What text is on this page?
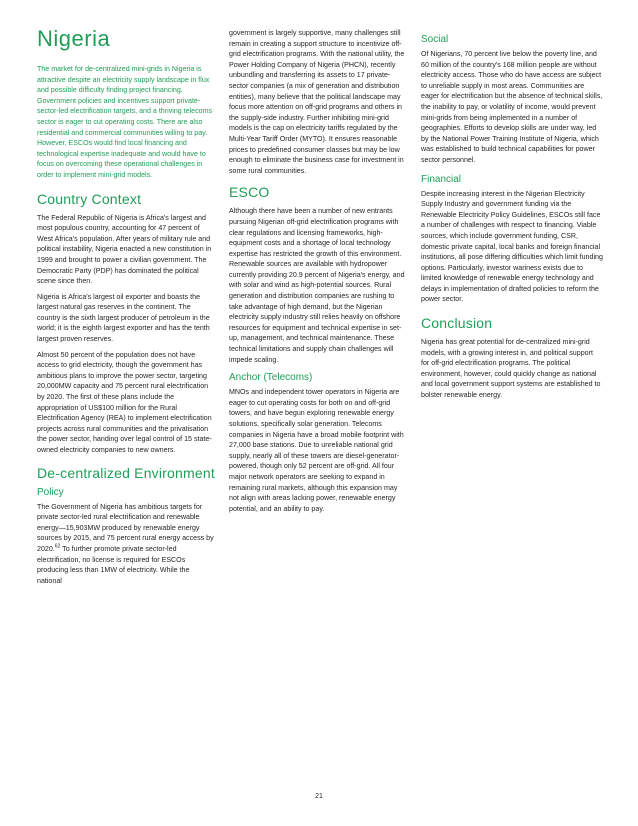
Nigeria

The market for de-centralized mini-grids in Nigeria is attractive despite an electricity supply landscape in flux and possible difficulty finding project financing. Government policies and incentives support private-sector-led electrification targets, and a thriving telecoms sector is eager to cut operating costs. There are also residential and commercial communities willing to pay. However, ESCOs would find local financing and technological expertise inadequate and would have to focus on overcoming these operational challenges in order to implement mini-grid models.

Country Context

The Federal Republic of Nigeria is Africa's largest and most populous country, accounting for 47 percent of West Africa's population. After years of military rule and political instability, Nigeria enacted a new constitution in 1999 and brought to power a civilian government. The Democratic Party (PDP) has dominated the political scene since then.

Nigeria is Africa's largest oil exporter and boasts the largest natural gas reserves in the continent. The country is the sixth largest producer of petroleum in the world; it is the eighth largest exporter and has the tenth largest proven reserves.

Almost 50 percent of the population does not have access to grid electricity, though the government has ambitious plans to improve the power sector, targeting 20,000MW capacity and 75 percent rural electrification by 2020. The first of these plans include the appropriation of US$100 million for the Rural Electrification Agency (REA) to implement electrification projects across rural communities and the privatisation the power sector, handing over legal control of 15 state-owned electricity companies to new owners.

De-centralized Environment
Policy

The Government of Nigeria has ambitious targets for private sector-led rural electrification and renewable energy—15,903MW produced by renewable energy sources by 2015, and 75 percent rural energy access by 2020.62 To further promote private sector-led electrification, no license is required for ESCOs producing less than 1MW of electricity. While the national

government is largely supportive, many challenges still remain in creating a support structure to incentivize off-grid electrification programs. With the national utility, the Power Holding Company of Nigeria (PHCN), recently unbundling and transferring its assets to 17 private-sector companies (a mix of generation and distribution entities), many believe that the political landscape may focus more attention on off-grid programs and others in the supply-side industry. Further inhibiting mini-grid models is the cap on electricity tariffs regulated by the Multi-Year Tariff Order (MYTO). It ensures reasonable prices to predefined consumer classes but may be low enough to eliminate the business case for investment in some rural communities.

ESCO

Although there have been a number of new entrants pursuing Nigerian off-grid electrification programs with clear regulations and licensing frameworks, high-equipment costs and a shortage of local technology expertise has restricted the growth of this environment. Renewable sources are available with hydropower currently providing 20.9 percent of Nigeria's energy, and with solar and wind as high-potential sources. Rural generation and distribution companies are rushing to take advantage of high demand, but the Nigerian electricity supply industry still relies heavily on offshore resources for equipment and technical expertise in set-up, management, and technical maintenance. These technical limitations and supply chain challenges will impede scaling.

Anchor (Telecoms)

MNOs and independent tower operators in Nigeria are eager to cut operating costs for both on and off-grid towers, and have begun exploring renewable energy solutions, specifically solar generation. Telecoms companies in Nigeria have a broad mobile footprint with 27,000 base stations. Due to unreliable national grid supply, nearly all of these towers are diesel-generator-powered, though only 52 percent are off-grid. All four major network operators are seeking to expand in remaining rural markets, although this expansion may not align with areas lacking power, renewable energy potential, and an ability to pay.

Social

Of Nigerians, 70 percent live below the poverty line, and 60 million of the country's 168 million people are without electricity access. Those who do have access are subject to unreliable supply in most areas. Communities are eager for electrification but the absence of technical skills, the inability to pay, or volatility of income, would prevent mini-grids from being implemented in a number of geographies. Efforts to develop skills are under way, led by the National Power Training Institute of Nigeria, which was established to build technical capabilities for power sector personnel.

Financial

Despite increasing interest in the Nigerian Electricity Supply Industry and government funding via the Renewable Electricity Policy Guidelines, ESCOs still face a number of challenges with respect to financing. Viable sources, which include government funding, CSR, domestic private capital, local banks and foreign financial institutions, all pose differing difficulties which limit funding options. Particularly, investor wariness exists due to limited knowledge of renewable energy technology and delays in implementation of drafted policies to reform the power sector.

Conclusion

Nigeria has great potential for de-centralized mini-grid models, with a growing interest in, and political support for off-grid electrification programs. The political environment, however, could quickly change as national and local government support systems are established to bolster renewable energy.

21
